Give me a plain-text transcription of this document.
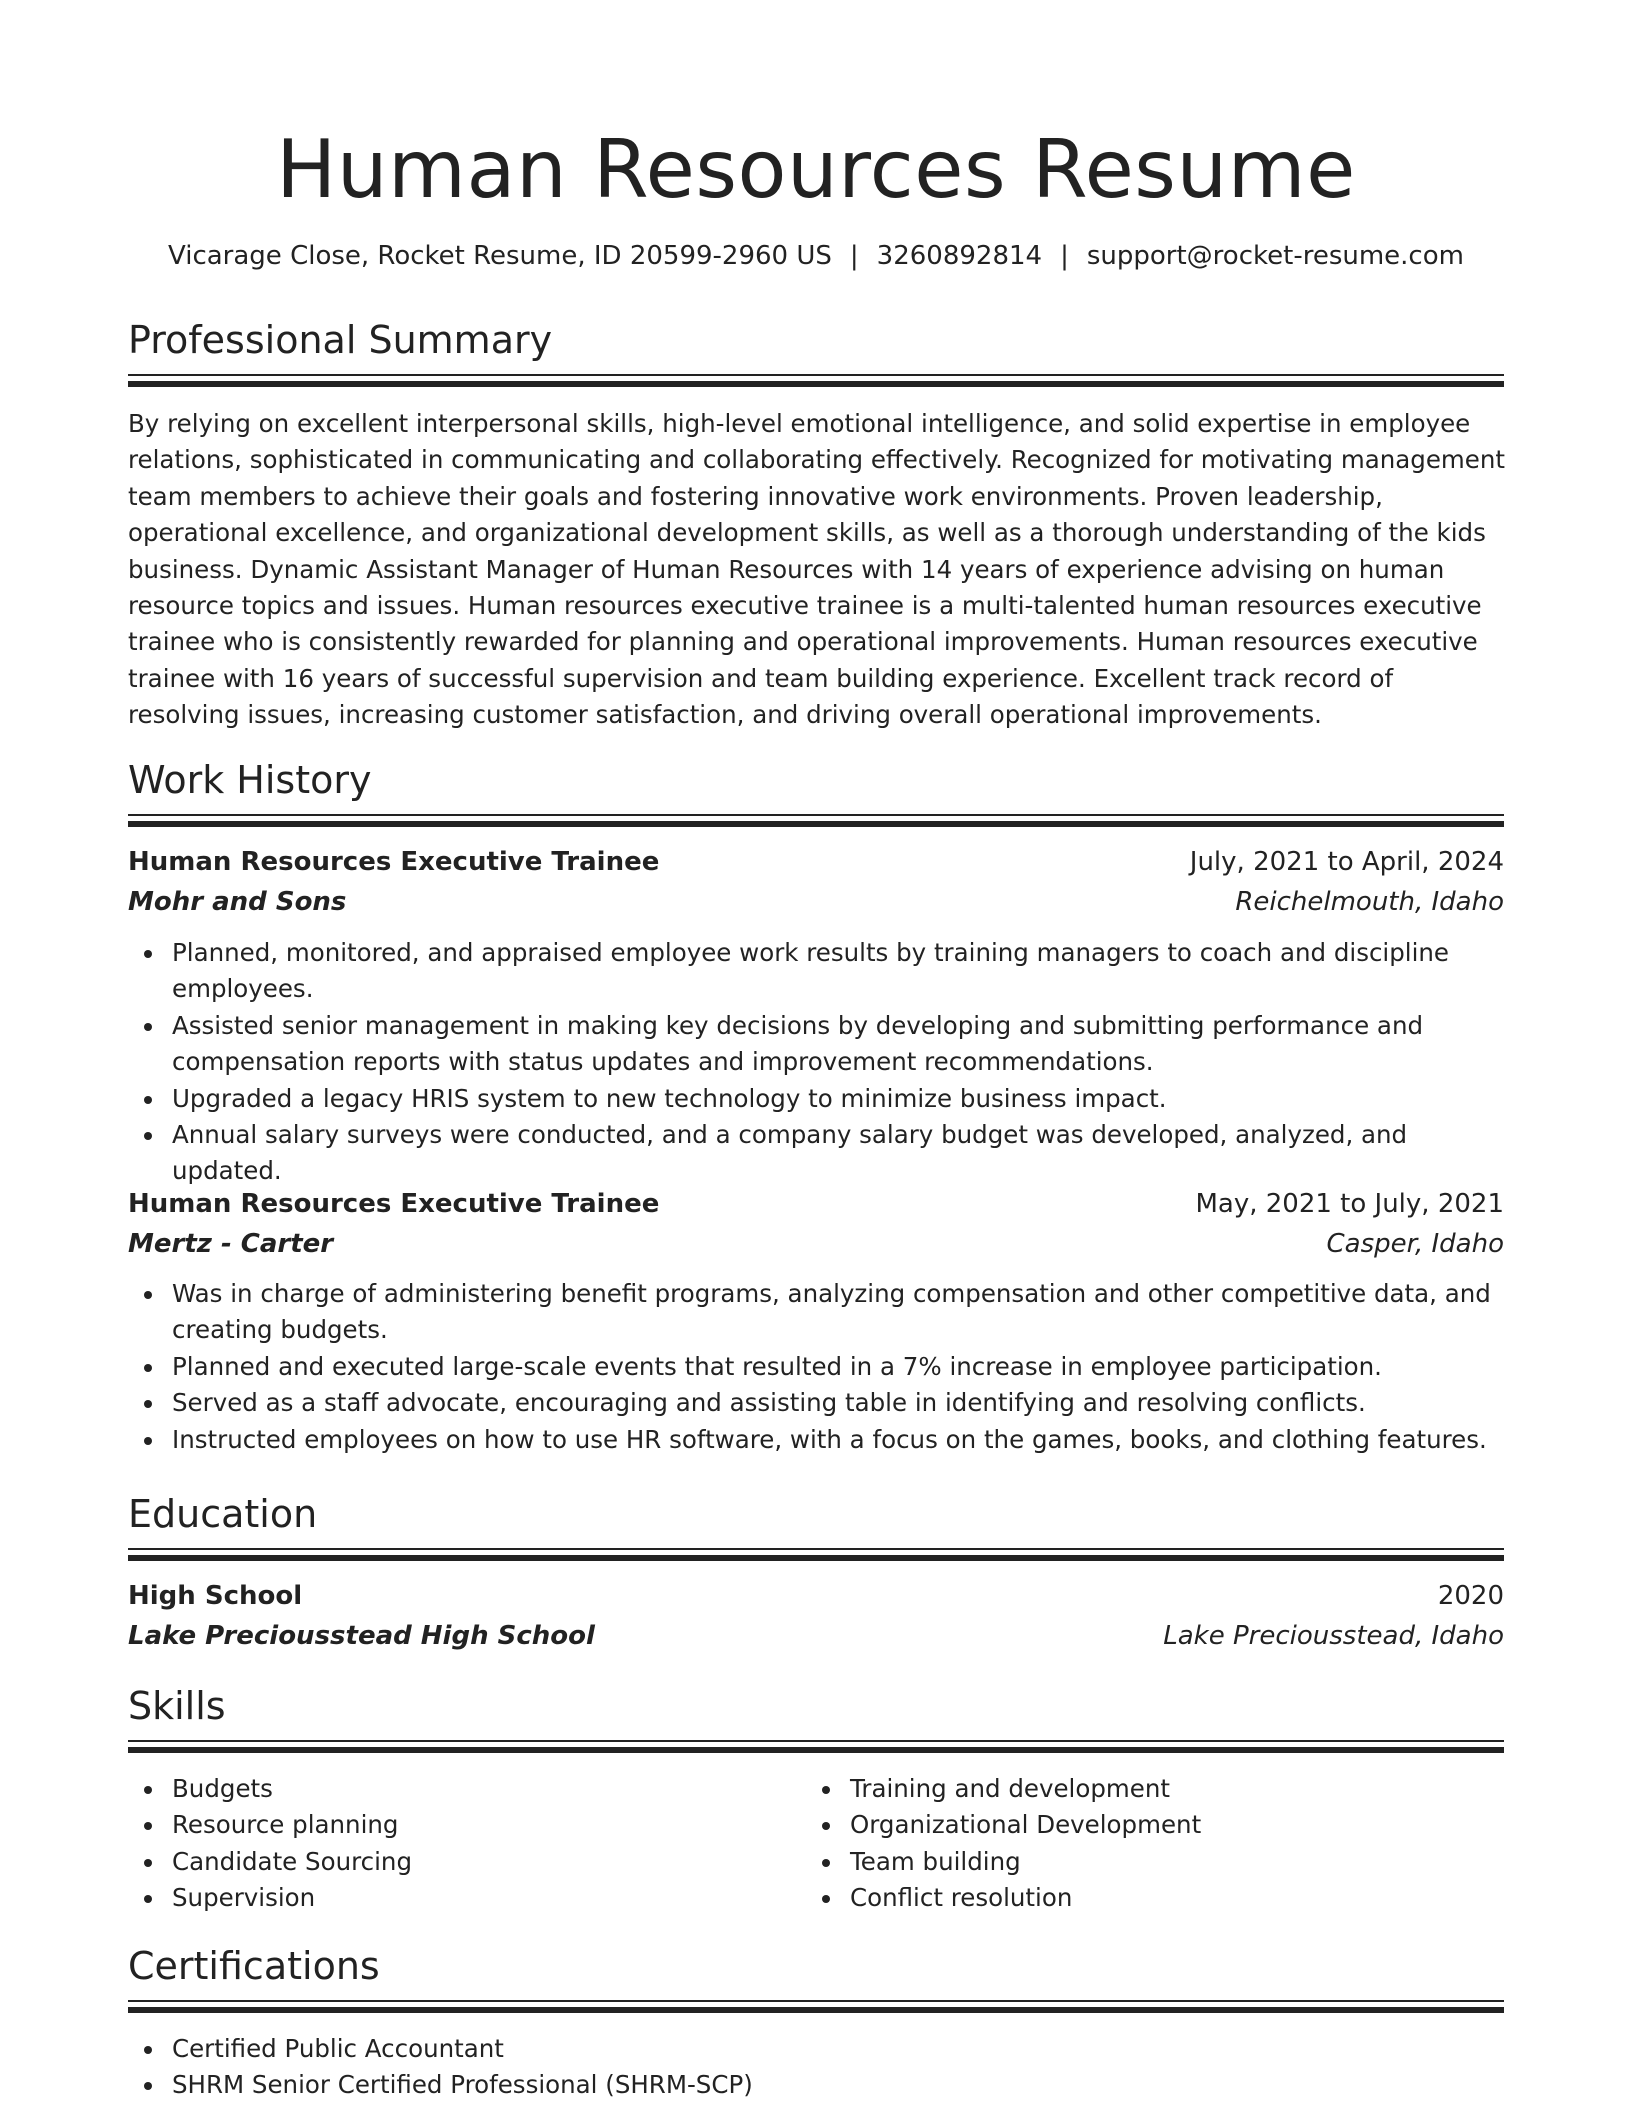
Human Resources Resume
Vicarage Close, Rocket Resume, ID 20599-2960 US | 3260892814 | support@rocket-resume.com
Professional Summary
By relying on excellent interpersonal skills, high-level emotional intelligence, and solid expertise in employee relations, sophisticated in communicating and collaborating effectively. Recognized for motivating management team members to achieve their goals and fostering innovative work environments. Proven leadership, operational excellence, and organizational development skills, as well as a thorough understanding of the kids business. Dynamic Assistant Manager of Human Resources with 14 years of experience advising on human resource topics and issues. Human resources executive trainee is a multi-talented human resources executive trainee who is consistently rewarded for planning and operational improvements. Human resources executive trainee with 16 years of successful supervision and team building experience. Excellent track record of resolving issues, increasing customer satisfaction, and driving overall operational improvements.
Work History
Human Resources Executive Trainee	July, 2021 to April, 2024
Mohr and Sons	Reichelmouth, Idaho
Planned, monitored, and appraised employee work results by training managers to coach and discipline employees.
Assisted senior management in making key decisions by developing and submitting performance and compensation reports with status updates and improvement recommendations.
Upgraded a legacy HRIS system to new technology to minimize business impact.
Annual salary surveys were conducted, and a company salary budget was developed, analyzed, and updated.
Human Resources Executive Trainee	May, 2021 to July, 2021
Mertz - Carter	Casper, Idaho
Was in charge of administering benefit programs, analyzing compensation and other competitive data, and creating budgets.
Planned and executed large-scale events that resulted in a 7% increase in employee participation.
Served as a staff advocate, encouraging and assisting table in identifying and resolving conflicts.
Instructed employees on how to use HR software, with a focus on the games, books, and clothing features.
Education
High School	2020
Lake Precioussteаd High School	Lake Precioussteаd, Idaho
Skills
Budgets
Resource planning
Candidate Sourcing
Supervision
Training and development
Organizational Development
Team building
Conflict resolution
Certifications
Certified Public Accountant
SHRM Senior Certified Professional (SHRM-SCP)
